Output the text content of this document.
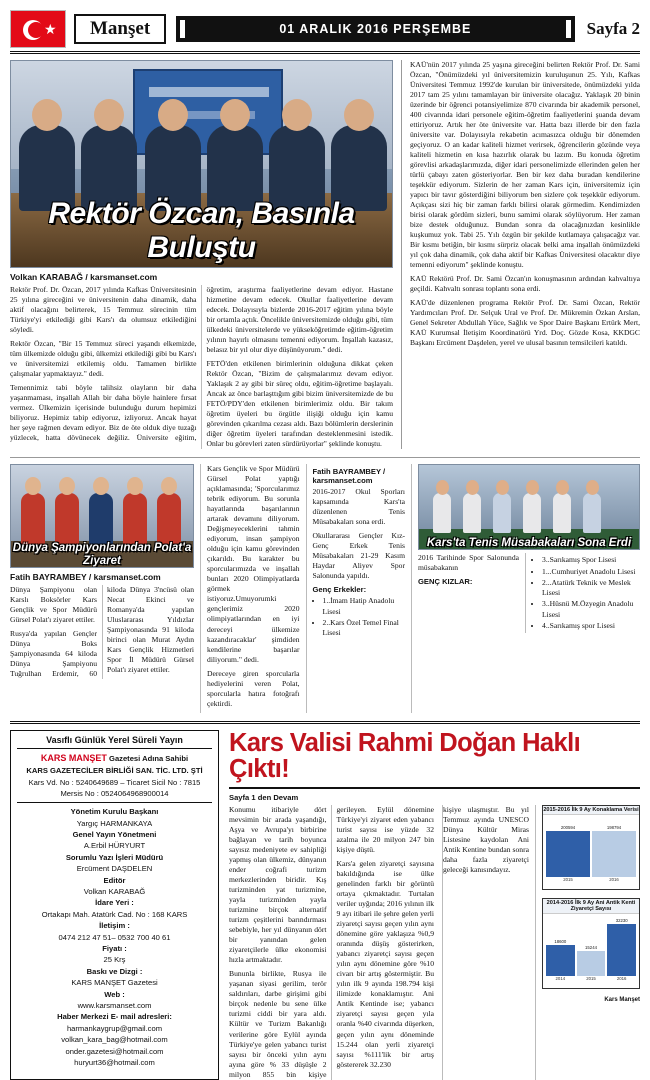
★	Manşet	01 ARALIK 2016 PERŞEMBE	Sayfa 2
Rektör Özcan, Basınla Buluştu
Volkan KARABAĞ / karsmanset.com

Rektör Prof. Dr. Özcan, 2017 yılında Kafkas Üniversitesinin 25 yılına gireceğini ve üniversitenin daha dinamik, daha aktif olacağını belirterek, 15 Temmuz sürecinin tüm Türkiye'yi etkilediği gibi Kars'ı da olumsuz etkilediğini söyledi.

Rektör Özcan, "Bir 15 Temmuz süreci yaşandı elkemizde, tüm ülkemizde olduğu gibi, ülkemizi etkilediği gibi bu Kars'ı ve üniversitemizi etkilemiş oldu. Tamamen birlikte çalışmalar yapmaktayız." dedi.

Temennimiz tabi böyle talihsiz olayların bir daha yaşanmaması, inşallah Allah bir daha böyle hainlere fırsat vermez. Ülkemizin içerisinde bulunduğu durum hepimizi biliyoruz. Hepimiz tabip ediyoruz, izliyoruz. Ancak hayat her şeye rağmen devam ediyor. Biz de öte olduk diye tuzağı yüzlecek, hatta dövünecek değiliz. Üniversite eğitim, öğretim, araştırma faaliyetlerine devam ediyor. Hastane hizmetine devam edecek. Okullar faaliyetlerine devam edecek. Dolayısıyla bizlerde 2016-2017 eğitim yılına böyle bir ortamla açtık. Öncelikle üniversitemizde olduğu gibi, tüm ülkedeki üniversitelerde ve yükseköğretimde eğitim-öğretim yılının hayırlı olmasını temenni ediyorum. İnşallah kazasız, belasız bir yıl olur diye düşünüyorum." dedi.

FETÖ'den etkilenen birimlerinin olduğuna dikkat çeken Rektör Özcan, "Bizim de çalışmalarımız devam ediyor. Yaklaşık 2 ay gibi bir süreç oldu, eğitim-öğretime başlayalı. Ancak az önce barlaşttığım gibi bizim üniversitemizde de bu FETÖ/PDY'den etkilenen birimlerimiz oldu. Bir takım öğretim üyeleri bu örgütle ilişiği olduğu için kamu görevinden çıkarılma cezası aldı. Bazı bölümlerin derslerinin diğer öğretim üyeleri tarafından desteklenmesini istedik. Onlar bu görevleri zaten sürdürüyorlar" şeklinde konuştu.

KAÜ'nün 2017 yılında 25 yaşına gireceğini belirten Rektör Prof. Dr. Sami Özcan, "Önümüzdeki yıl üniversitemizin kuruluşunun 25. Yılı, Kafkas Üniversitesi Temmuz 1992'de kurulan bir üniversitede, önümüzdeki yılda 2017 tam 25 yılını tamamlayan bir üniversite olacağız. Yaklaşık 20 binin üzerinde bir öğrenci potansiyelimize 870 civarında bir akademik personel, 400 civarında idari personele eğitim-öğretim faaliyetlerini şuanda devam ettiriyoruz. Artık her öte üniversite var. Hatta bazı illerde bir den fazla üniversite var. Dolayısıyla rekabetin acımasızca olduğu bir dönemden geçiyoruz. O an kadar kaliteli hizmet verirsek, öğrencilerin gözünde veya kaliteli hizmetin en kısa hazırlık olarak bu lazım. Bu konuda öğretim görevlisi arkadaşlarımızda, diğer idari personelimizde ellerinden gelen her türlü çabayı zaten gösteriyorlar. Ben bir kez daha buradan kendilerine teşekkür ediyorum. Sizlerin de her zaman Kars için, üniversitemiz için yapıcı bir tavır gösterdiğini biliyorum ben sizlere çok teşekkür ediyorum. Açıkçası sizi hiç bir zaman farklı bilirsi olarak görmedim. Kendimizden birisi olarak gördüm sizleri, bunu samimi olarak söylüyorum. Her zaman bize destek olduğunuz. Bundan sonra da olacağınızdan kesinlikle kuşkumuz yok. Tabi 25. Yılı özgün bir şekilde kutlamaya çalışacağız var. Bir kısmı betiğin, bir kısmı sürpriz olacak belki ama inşallah önümüzdeki yıl çok daha dinamik, çok daha aktif bir Kafkas Üniversitesi olacaktır diye temenni ediyorum" şeklinde konuştu.

KAÜ Rektörü Prof. Dr. Sami Özcan'ın konuşmasının ardından kahvaltıya geçildi. Kahvaltı sonrası toplantı sona erdi.

KAÜ'de düzenlenen programa Rektör Prof. Dr. Sami Özcan, Rektör Yardımcıları Prof. Dr. Selçuk Ural ve Prof. Dr. Mükremin Özkan Arslan, Genel Sekreter Abdullah Yüce, Sağlık ve Spor Daire Başkanı Ertürk Mert, KAÜ Kurumsal İletişim Koordinatörü Yrd. Doç. Gözde Kosa, KKDGC Başkanı Ercüment Daşdelen, yerel ve ulusal basının temsilcileri katıldı.

Dünya Şampiyonlarından Polat'a Ziyaret
Fatih BAYRAMBEY / karsmanset.com

Dünya Şampiyonu olan Karslı Boksörler Kars Gençlik ve Spor Müdürü Gürsel Polat'ı ziyaret ettiler.

Rusya'da yapılan Gençler Dünya Boks Şampiyonasında 64 kiloda Dünya Şampiyonu Tuğrulhan Erdemir, 60 kiloda Dünya 3'ncüsü olan Necat Ekinci ve Romanya'da yapılan Uluslararası Yıldızlar Şampiyonasında 91 kiloda birinci olan Murat Aydın Kars Gençlik Hizmetleri Spor İl Müdürü Gürsel Polat'ı ziyaret ettiler.

Kars Gençlik ve Spor Müdürü Gürsel Polat yaptığı açıklamasında; 'Sporcularımız tebrik ediyorum. Bu sorunla hayatlarında başarılarının artarak devamını diliyorum. Değişmeyeceklerini tahmin ediyorum, insan şampiyon olduğu için kamu görevinden çıkarıldı. Bu karakter bu sporcularımızda ve inşallah bunları 2020 Olimpiyatlarda görmek istiyoruz.Umuyorumki gençlerimiz 2020 olimpiyatlarından en iyi dereceyi ülkemize kazandıracaklar' şimdiden kendilerine başarılar diliyorum." dedi.

Dereceye giren sporcularla hediyelerini veren Polat, sporcularla hatıra fotoğrafı çektirdi.

Fatih BAYRAMBEY / karsmanset.com

2016-2017 Okul Sporları kapsamında Kars'ta düzenlenen Tenis Müsabakaları sona erdi.

Okullararası Gençler Kız- Genç Erkek Tenis Müsabakaları 21-29 Kasım Haydar Aliyev Spor Salonunda yapıldı.

Genç Erkekler:
• 1..İmam Hatip Anadolu Lisesi
• 2..Kars Özel Temel Final Lisesi
Kars'ta Tenis Müsabakaları Sona Erdi

2016 Tarihinde Spor Salonunda müsabakanın

GENÇ KIZLAR:
• 3..Sarıkamış Spor Lisesi
• 1...Cumhuriyet Anadolu Lisesi
• 2...Atatürk Teknik ve Meslek Lisesi
• 3..Hüsnü M.Özyegin Anadolu Lisesi
• 4..Sarıkamış spor Lisesi
Vasıflı Günlük Yerel Süreli Yayın
KARS MANŞET Gazetesi Adına Sahibi
KARS GAZETECİLER BİRLİĞİ SAN. TİC. LTD. ŞTİ
Kars Vd. No : 5240649689 – Ticaret Sicil No : 7815
Mersis No : 0524064968900014
Yönetim Kurulu Başkanı
Yargıç HARMANKAYA
Genel Yayın Yönetmeni
A.Erbil HÜRYURT
Sorumlu Yazı İşleri Müdürü
Ercüment DAŞDELEN
Editör
Volkan KARABAĞ
İdare Yeri :
Ortakapı Mah. Atatürk Cad. No : 168 KARS
İletişim :
0474 212 47 51– 0532 700 40 61
Fiyatı :
25 Krş
Baskı ve Dizgi :
KARS MANŞET Gazetesi
Web :
www.karsmanset.com
Haber Merkezi E- mail adresleri:
harmankaygrup@gmail.com
volkan_kara_bag@hotmail.com
onder.gazetesi@hotmail.com
huryurt36@hotmail.com
Kars Valisi Rahmi Doğan Haklı Çıktı!
Sayfa 1 den Devam

Konumu itibariyle dört mevsimin bir arada yaşandığı, Aşya ve Avrupa'yı birbirine bağlayan ve tarih boyunca sayısız medeniyete ev sahipliği yapmış olan ülkemiz, dünyanın ender coğrafi turizm merkezlerinden biridir. Kış turizminden yat turizmine, yayla turizminden yayla turizmine birçok alternatif turizm çeşitlerini barındırması sebebiyle, her yıl dünyanın dört bir yanından gelen ziyaretçilerle ülke ekonomisi hızla artmaktadır.

Bununla birlikte, Rusya ile yaşanan siyasi gerilim, terör saldırıları, darbe girişimi gibi birçok nedenle bu sene ülke turizmi ciddi bir yara aldı. Kültür ve Turizm Bakanlığı verilerine göre Eylül ayında Türkiye'ye gelen yabancı turist sayısı bir önceki yılın aynı ayına göre % 33 düşüşle 2 milyon 855 bin kişiye gerileyen. Eylül dönemine Türkiye'yi ziyaret eden yabancı turist sayısı ise yüzde 32 azalma ile 20 milyon 247 bin kişiye düştü.

Kars'a gelen ziyaretçi sayısına bakıldığında ise ülke genelinden farklı bir görüntü ortaya çıkmaktadır. Turtalan veriler uyğında; 2016 yılının ilk 9 ayı itibari ile şehre gelen yerli ziyaretçi sayısı geçen yılın aynı dönemine göre yaklaşıza %0,9 oranında düşüş gösterirken, yabancı ziyaretçi sayısı geçen yılın aynı dönemine göre %10 civarı bir artış göstermiştir. Bu yılın ilk 9 ayında 198.794 kişi ilimizde konaklamıştır. Ani Antik Kentinde ise; yabancı ziyaretçi sayısı geçen yıla oranla %40 civarında düşerken, geçen yılın aynı döneminde 15.244 olan yerli ziyaretçi sayısı %111'lik bir artış göstererek 32.230

kişiye ulaşmıştır. Bu yıl Temmuz ayında UNESCO Dünya Kültür Miras Listesine kaydolan Ani Antik Kentine bundan sonra daha fazla ziyaretçi geleceği kanısındayız.

2015-2016 İlk 9 Ay Konaklama Verisi
200594	198794
2015	2016
2014-2016 İlk 9 Ay Ani Antik Kenti Ziyaretçi Sayısı
18600
15244
32230
2014	2015	2016
Kars Manşet
